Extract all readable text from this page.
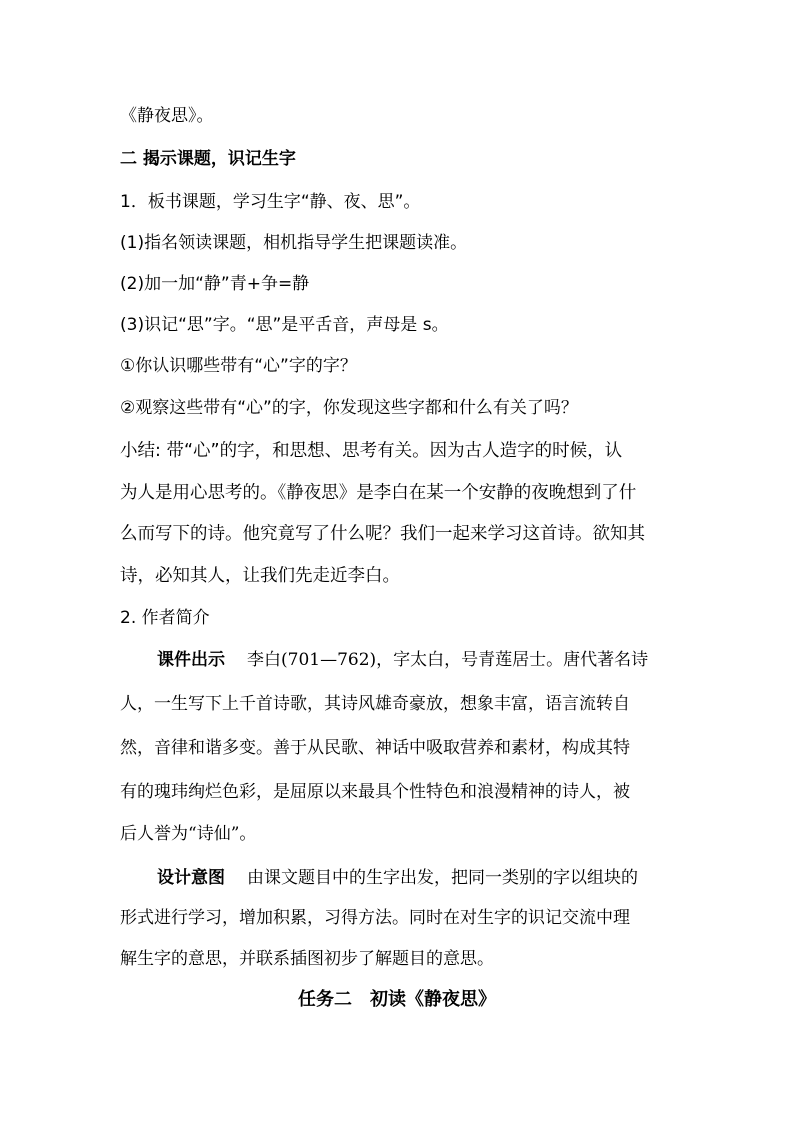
《静夜思》。
二 揭示课题，识记生字
1．板书课题，学习生字“静、夜、思”。
(1)指名领读课题，相机指导学生把课题读准。
(2)加一加“静”青+争=静
(3)识记“思”字。“思”是平舌音，声母是 s。
①你认识哪些带有“心”字的字？
②观察这些带有“心”的字，你发现这些字都和什么有关了吗？
小结: 带“心”的字，和思想、思考有关。因为古人造字的时候，认
为人是用心思考的。《静夜思》是李白在某一个安静的夜晚想到了什
么而写下的诗。他究竟写了什么呢？我们一起来学习这首诗。欲知其
诗，必知其人，让我们先走近李白。
2. 作者简介
课件出示 李白(701—762)，字太白，号青莲居士。唐代著名诗
人，一生写下上千首诗歌，其诗风雄奇豪放，想象丰富，语言流转自
然，音律和谐多变。善于从民歌、神话中吸取营养和素材，构成其特
有的瑰玮绚烂色彩，是屈原以来最具个性特色和浪漫精神的诗人，被
后人誉为“诗仙”。
设计意图 由课文题目中的生字出发，把同一类别的字以组块的
形式进行学习，增加积累，习得方法。同时在对生字的识记交流中理
解生字的意思，并联系插图初步了解题目的意思。
任务二　初读《静夜思》
